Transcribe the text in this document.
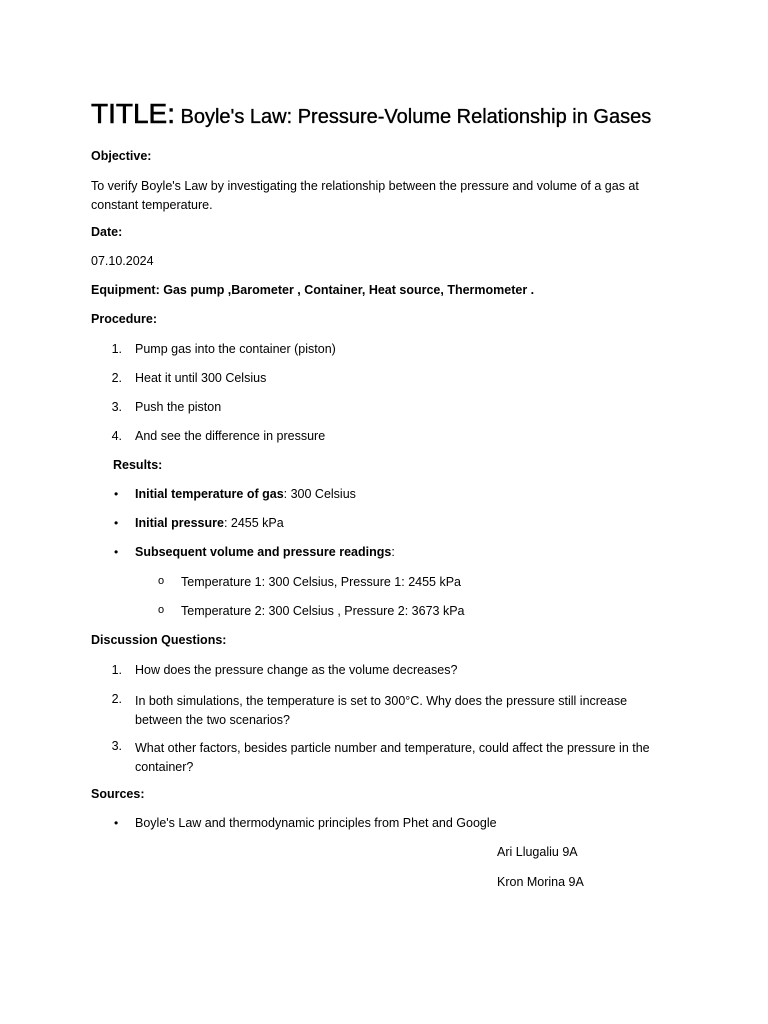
TITLE: Boyle's Law: Pressure-Volume Relationship in Gases
Objective:
To verify Boyle's Law by investigating the relationship between the pressure and volume of a gas at constant temperature.
Date:
07.10.2024
Equipment: Gas pump ,Barometer , Container, Heat source, Thermometer .
Procedure:
1. Pump gas into the container (piston)
2. Heat it until 300 Celsius
3. Push the piston
4. And see the difference in pressure
Results:
• Initial temperature of gas: 300 Celsius
• Initial pressure: 2455 kPa
• Subsequent volume and pressure readings:
o Temperature 1: 300 Celsius, Pressure 1: 2455 kPa
o Temperature 2: 300 Celsius , Pressure 2: 3673 kPa
Discussion Questions:
1. How does the pressure change as the volume decreases?
2. In both simulations, the temperature is set to 300°C. Why does the pressure still increase between the two scenarios?
3. What other factors, besides particle number and temperature, could affect the pressure in the container?
Sources:
• Boyle's Law and thermodynamic principles from Phet and Google
Ari Llugaliu 9A
Kron Morina 9A
